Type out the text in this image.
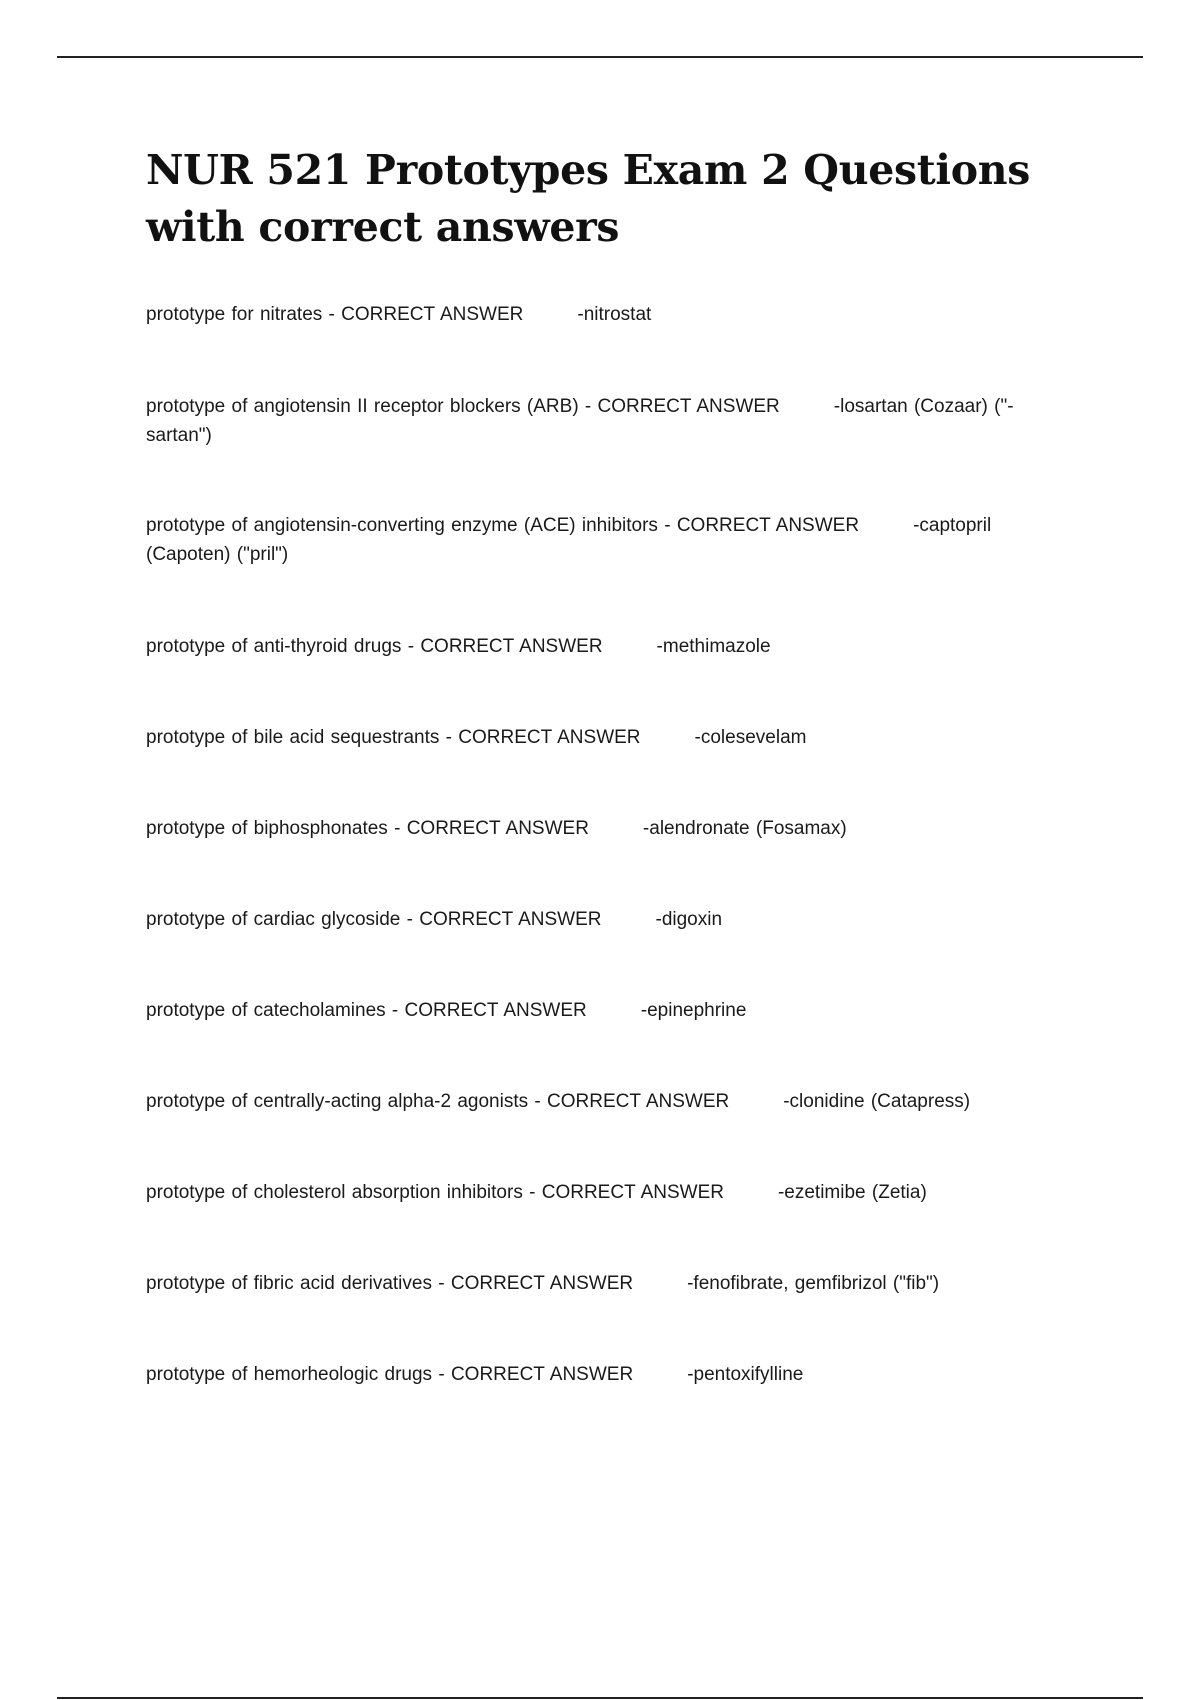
NUR 521 Prototypes Exam 2 Questions with correct answers
prototype for nitrates - CORRECT ANSWER	-nitrostat
prototype of angiotensin II receptor blockers (ARB) - CORRECT ANSWER	-losartan (Cozaar) ("-sartan")
prototype of angiotensin-converting enzyme (ACE) inhibitors - CORRECT ANSWER	-captopril (Capoten) ("pril")
prototype of anti-thyroid drugs - CORRECT ANSWER	-methimazole
prototype of bile acid sequestrants - CORRECT ANSWER	-colesevelam
prototype of biphosphonates - CORRECT ANSWER	-alendronate (Fosamax)
prototype of cardiac glycoside - CORRECT ANSWER	-digoxin
prototype of catecholamines - CORRECT ANSWER	-epinephrine
prototype of centrally-acting alpha-2 agonists - CORRECT ANSWER	-clonidine (Catapress)
prototype of cholesterol absorption inhibitors - CORRECT ANSWER	-ezetimibe (Zetia)
prototype of fibric acid derivatives - CORRECT ANSWER	-fenofibrate, gemfibrizol ("fib")
prototype of hemorheologic drugs - CORRECT ANSWER	-pentoxifylline
